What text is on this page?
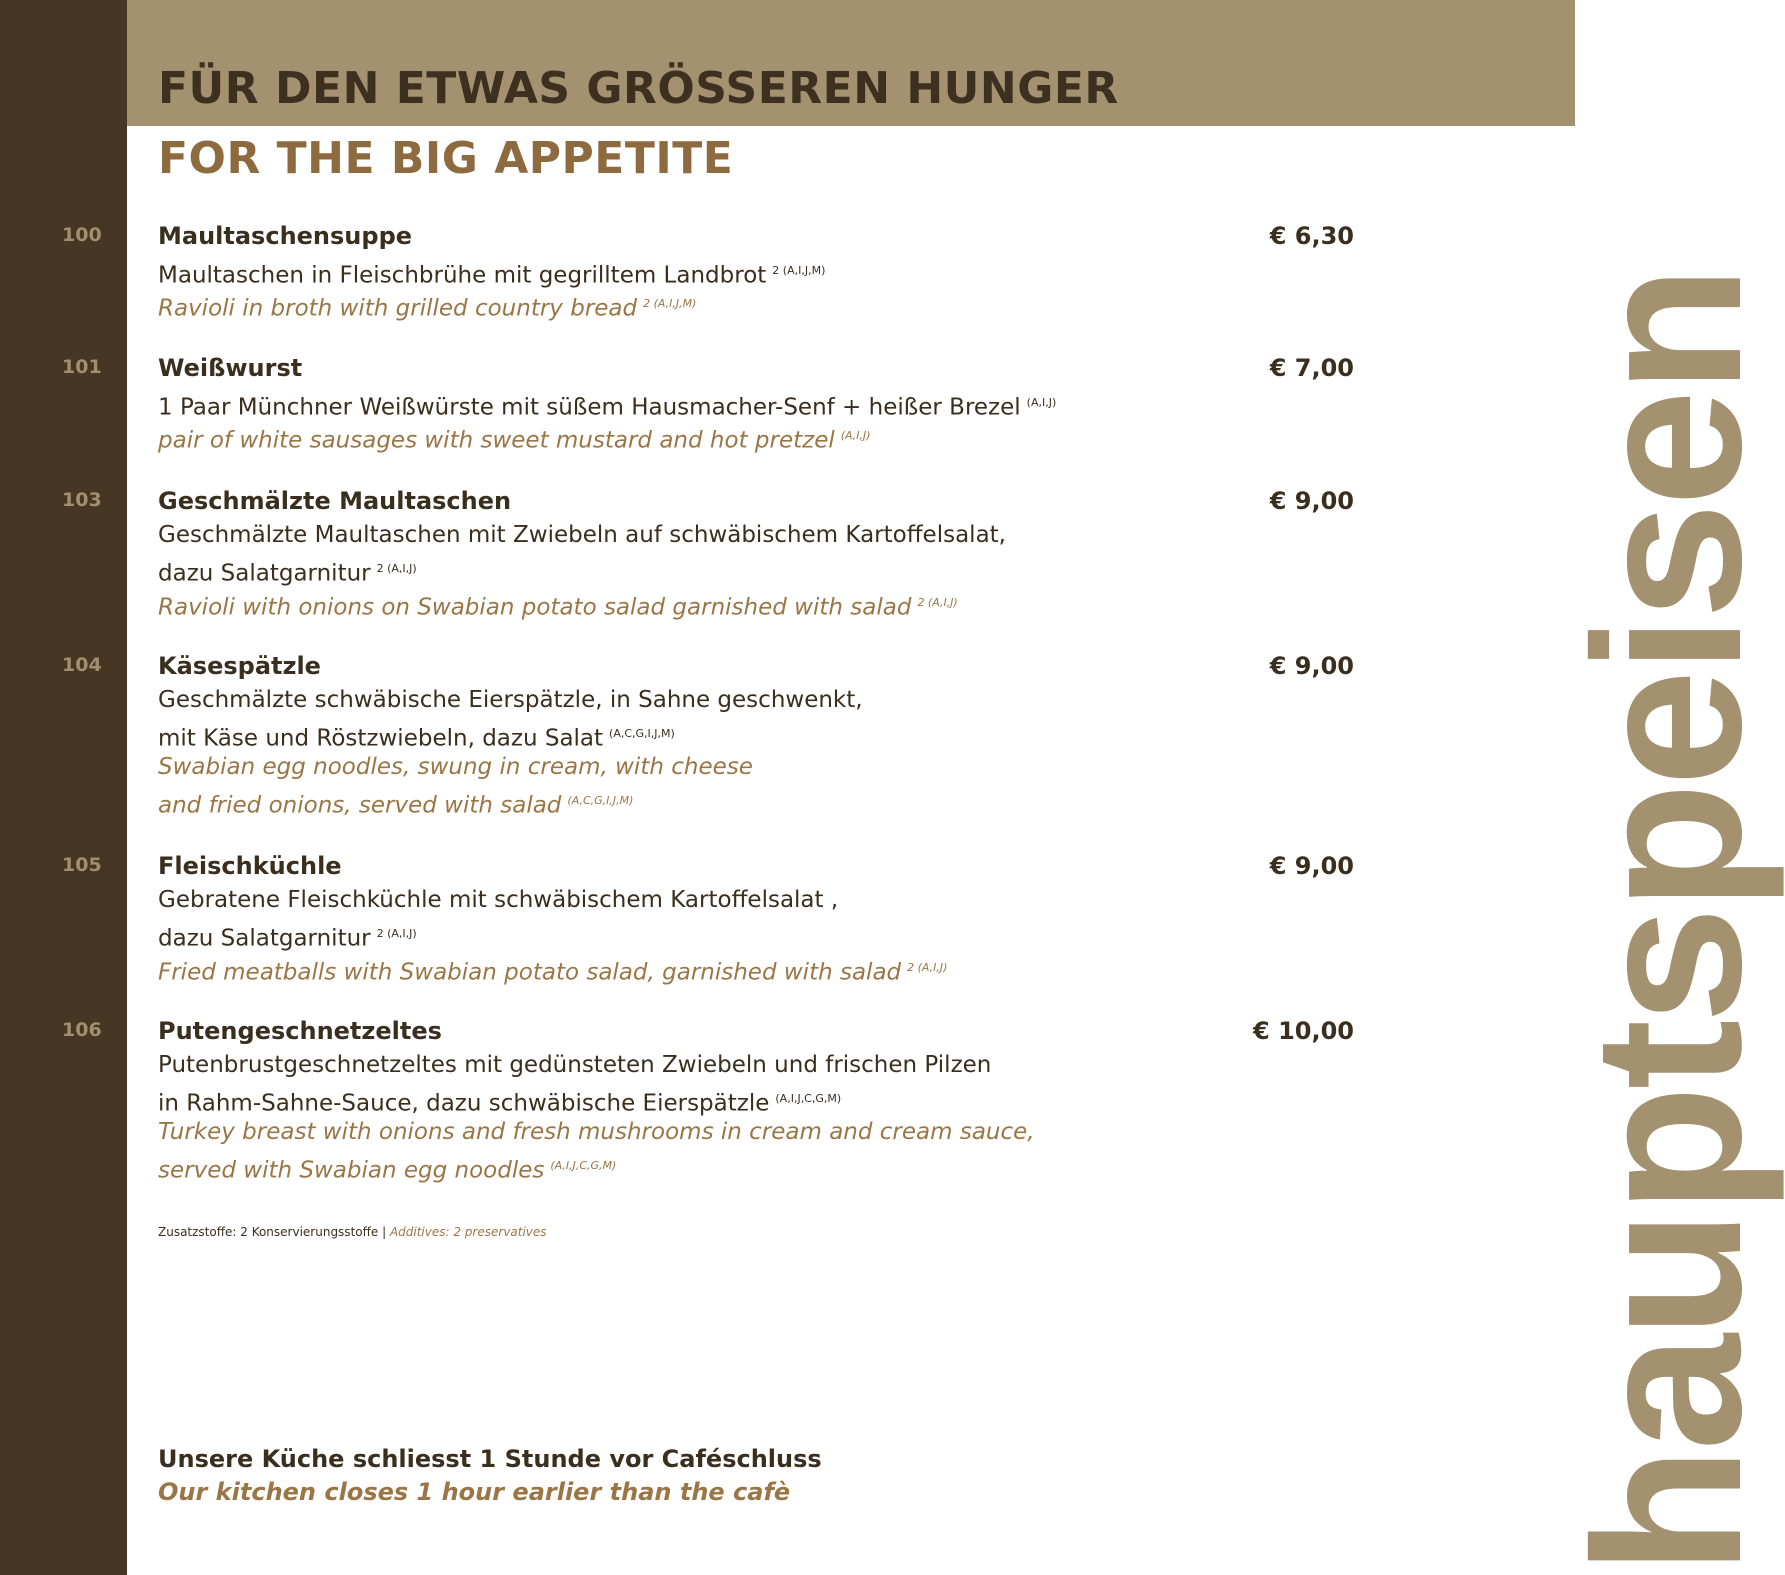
FÜR DEN ETWAS GRÖSSEREN HUNGER
FOR THE BIG APPETITE
100 Maultaschensuppe	€ 6,30
Maultaschen in Fleischbrühe mit gegrilltem Landbrot $^{2 (A,I,J,M)}$
Ravioli in broth with grilled country bread $^{2 (A,I,J,M)}$
101 Weißwurst	€ 7,00
1 Paar Münchner Weißwürste mit süßem Hausmacher-Senf + heißer Brezel $^{(A,I,J)}$
pair of white sausages with sweet mustard and hot pretzel $^{(A,I,J)}$
103 Geschmälzte Maultaschen	€ 9,00
Geschmälzte Maultaschen mit Zwiebeln auf schwäbischem Kartoffelsalat,
dazu Salatgarnitur $^{2 (A,I,J)}$
Ravioli with onions on Swabian potato salad garnished with salad $^{2 (A,I,J)}$
104 Käsespätzle	€ 9,00
Geschmälzte schwäbische Eierspätzle, in Sahne geschwenkt,
mit Käse und Röstzwiebeln, dazu Salat $^{(A,C,G,I,J,M)}$
Swabian egg noodles, swung in cream, with cheese
and fried onions, served with salad $^{(A,C,G,I,J,M)}$
105 Fleischküchle	€ 9,00
Gebratene Fleischküchle mit schwäbischem Kartoffelsalat ,
dazu Salatgarnitur $^{2 (A,I,J)}$
Fried meatballs with Swabian potato salad, garnished with salad $^{2 (A,I,J)}$
106 Putengeschnetzeltes	€ 10,00
Putenbrustgeschnetzeltes mit gedünsteten Zwiebeln und frischen Pilzen
in Rahm-Sahne-Sauce, dazu schwäbische Eierspätzle $^{(A,I,J,C,G,M)}$
Turkey breast with onions and fresh mushrooms in cream and cream sauce,
served with Swabian egg noodles $^{(A,I,J,C,G,M)}$
Zusatzstoffe: 2 Konservierungsstoffe | Additives: 2 preservatives
Unsere Küche schliesst 1 Stunde vor Caféschluss
Our kitchen closes 1 hour earlier than the cafè	hauptspeisen
